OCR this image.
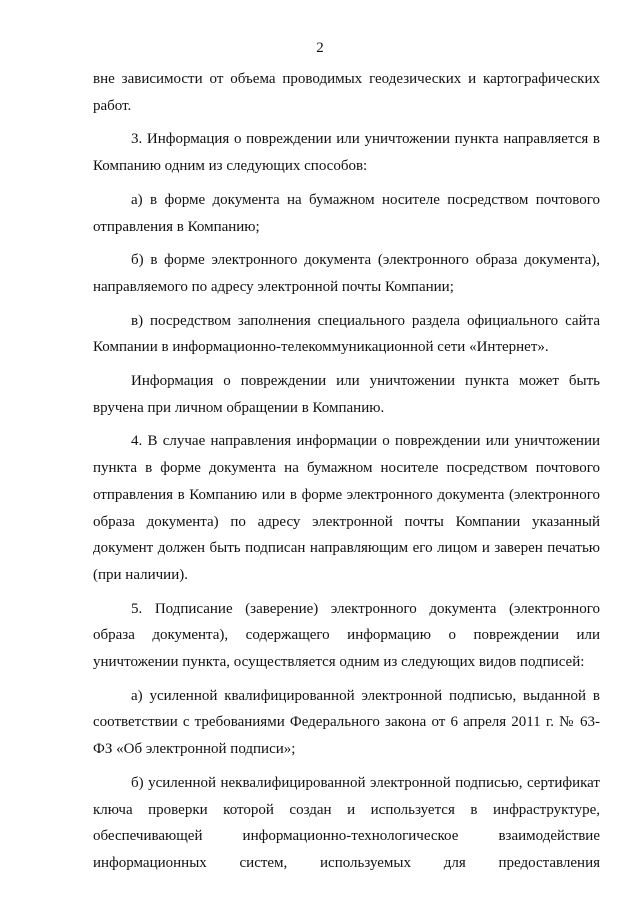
2

вне зависимости от объема проводимых геодезических и картографических работ.

3. Информация о повреждении или уничтожении пункта направляется в Компанию одним из следующих способов:

а) в форме документа на бумажном носителе посредством почтового отправления в Компанию;

б) в форме электронного документа (электронного образа документа), направляемого по адресу электронной почты Компании;

в) посредством заполнения специального раздела официального сайта Компании в информационно-телекоммуникационной сети «Интернет».

Информация о повреждении или уничтожении пункта может быть вручена при личном обращении в Компанию.

4. В случае направления информации о повреждении или уничтожении пункта в форме документа на бумажном носителе посредством почтового отправления в Компанию или в форме электронного документа (электронного образа документа) по адресу электронной почты Компании указанный документ должен быть подписан направляющим его лицом и заверен печатью (при наличии).

5. Подписание (заверение) электронного документа (электронного образа документа), содержащего информацию о повреждении или уничтожении пункта, осуществляется одним из следующих видов подписей:

а) усиленной квалифицированной электронной подписью, выданной в соответствии с требованиями Федерального закона от 6 апреля 2011 г. № 63-ФЗ «Об электронной подписи»;

б) усиленной неквалифицированной электронной подписью, сертификат ключа проверки которой создан и используется в инфраструктуре, обеспечивающей информационно-технологическое взаимодействие информационных систем, используемых для предоставления
